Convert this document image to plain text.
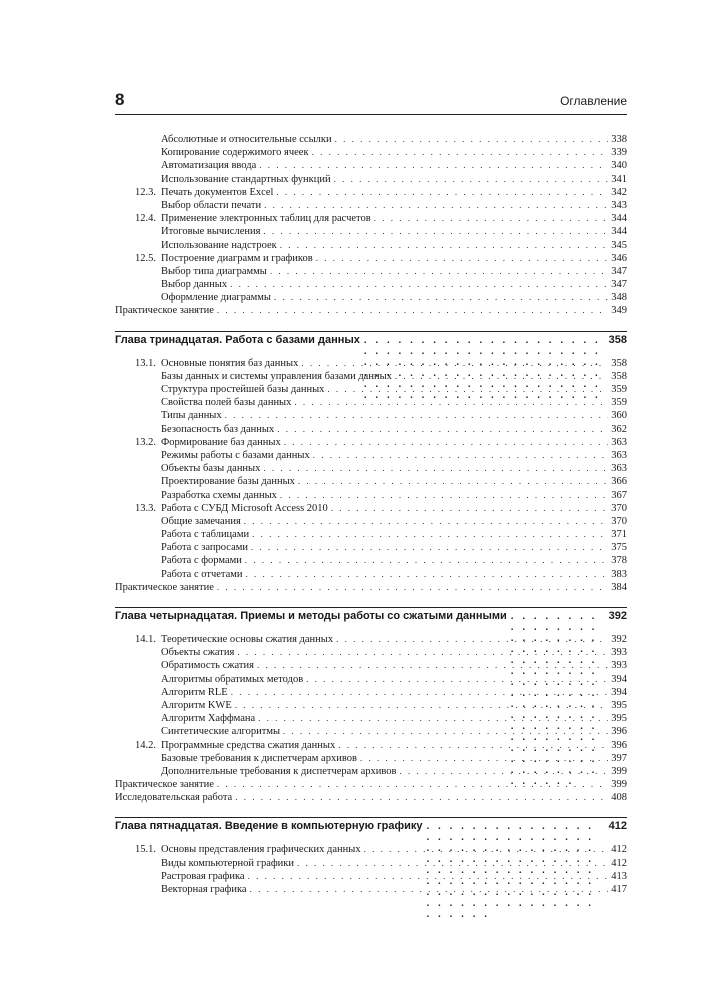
8	Оглавление
Абсолютные и относительные ссылки . . .	338
Копирование содержимого ячеек . . .	339
Автоматизация ввода . . .	340
Использование стандартных функций . . .	341
12.3. Печать документов Excel . . .	342
Выбор области печати . . .	343
12.4. Применение электронных таблиц для расчетов . . .	344
Итоговые вычисления . . .	344
Использование надстроек . . .	345
12.5. Построение диаграмм и графиков . . .	346
Выбор типа диаграммы . . .	347
Выбор данных . . .	347
Оформление диаграммы . . .	348
Практическое занятие . . .	349
Глава тринадцатая. Работа с базами данных . . .	358
13.1. Основные понятия баз данных . . .	358
Базы данных и системы управления базами данных . . .	358
Структура простейшей базы данных . . .	359
Свойства полей базы данных . . .	359
Типы данных . . .	360
Безопасность баз данных . . .	362
13.2. Формирование баз данных . . .	363
Режимы работы с базами данных . . .	363
Объекты базы данных . . .	363
Проектирование базы данных . . .	366
Разработка схемы данных . . .	367
13.3. Работа с СУБД Microsoft Access 2010 . . .	370
Общие замечания . . .	370
Работа с таблицами . . .	371
Работа с запросами . . .	375
Работа с формами . . .	378
Работа с отчетами . . .	383
Практическое занятие . . .	384
Глава четырнадцатая. Приемы и методы работы со сжатыми данными . . .	392
14.1. Теоретические основы сжатия данных . . .	392
Объекты сжатия . . .	393
Обратимость сжатия . . .	393
Алгоритмы обратимых методов . . .	394
Алгоритм RLE . . .	394
Алгоритм KWE . . .	395
Алгоритм Хаффмана . . .	395
Синтетические алгоритмы . . .	396
14.2. Программные средства сжатия данных . . .	396
Базовые требования к диспетчерам архивов . . .	397
Дополнительные требования к диспетчерам архивов . . .	399
Практическое занятие . . .	399
Исследовательская работа . . .	408
Глава пятнадцатая. Введение в компьютерную графику . . .	412
15.1. Основы представления графических данных . . .	412
Виды компьютерной графики . . .	412
Растровая графика . . .	413
Векторная графика . . .	417
